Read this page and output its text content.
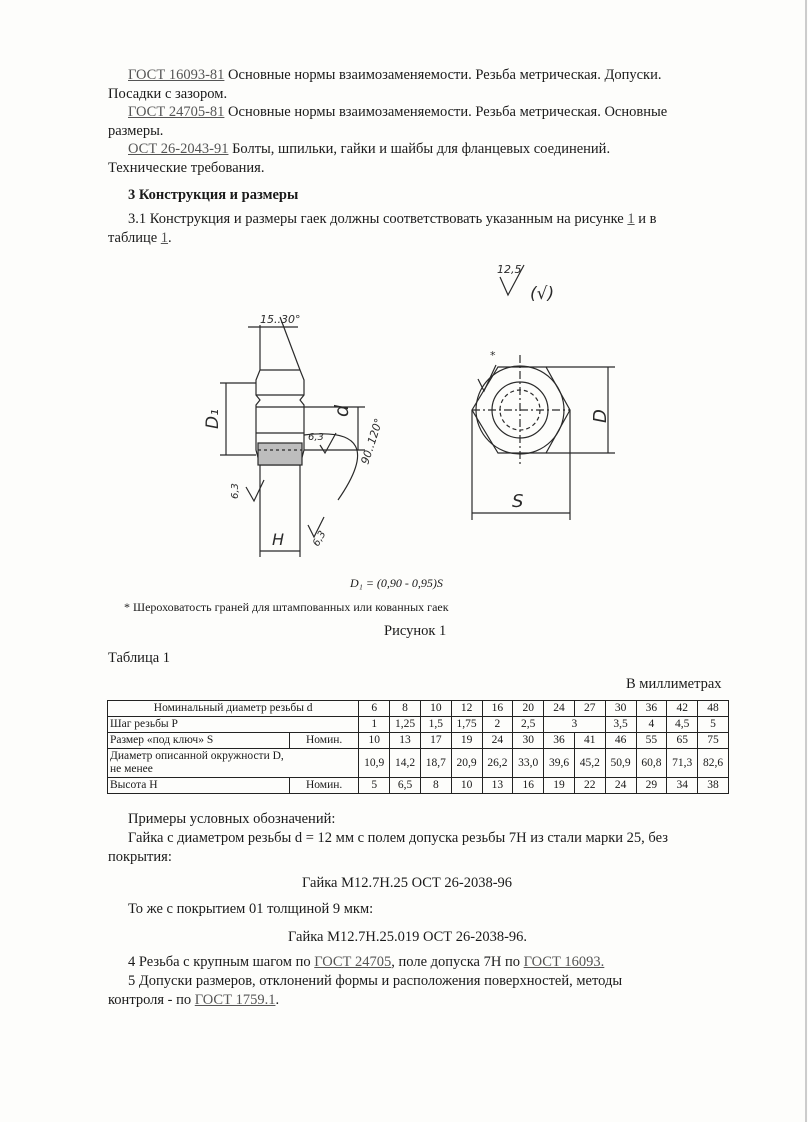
ГОСТ 16093-81 Основные нормы взаимозаменяемости. Резьба метрическая. Допуски.
Посадки с зазором.
ГОСТ 24705-81 Основные нормы взаимозаменяемости. Резьба метрическая. Основные
размеры.
ОСТ 26-2043-91 Болты, шпильки, гайки и шайбы для фланцевых соединений.
Технические требования.
3 Конструкция и размеры
3.1 Конструкция и размеры гаек должны соответствовать указанным на рисунке 1 и в
таблице 1.
12,5
(√)
D₁	d
15..30°
6,3	90..120°
6,3
H	6,3
D
S
*
D₁ = (0,90 - 0,95)S
* Шероховатость граней для штампованных или кованных гаек
Рисунок 1
Таблица 1
В миллиметрах
Номинальный диаметр резьбы d		6	8	10	12	16	20	24	27	30	36	42	48
Шаг резьбы P		1	1,25	1,5	1,75	2	2,5	3		3,5	4	4,5	5
Размер «под ключ» S	Номин.	10	13	17	19	24	30	36	41	46	55	65	75
Диаметр описанной окружности D,
не менее		10,9	14,2	18,7	20,9	26,2	33,0	39,6	45,2	50,9	60,8	71,3	82,6
Высота H	Номин.	5	6,5	8	10	13	16	19	22	24	29	34	38
Примеры условных обозначений:
Гайка с диаметром резьбы d = 12 мм с полем допуска резьбы 7Н из стали марки 25, без
покрытия:
Гайка М12.7Н.25 ОСТ 26-2038-96
То же с покрытием 01 толщиной 9 мкм:
Гайка М12.7Н.25.019 ОСТ 26-2038-96.
4 Резьба с крупным шагом по ГОСТ 24705, поле допуска 7Н по ГОСТ 16093.
5 Допуски размеров, отклонений формы и расположения поверхностей, методы
контроля - по ГОСТ 1759.1.
